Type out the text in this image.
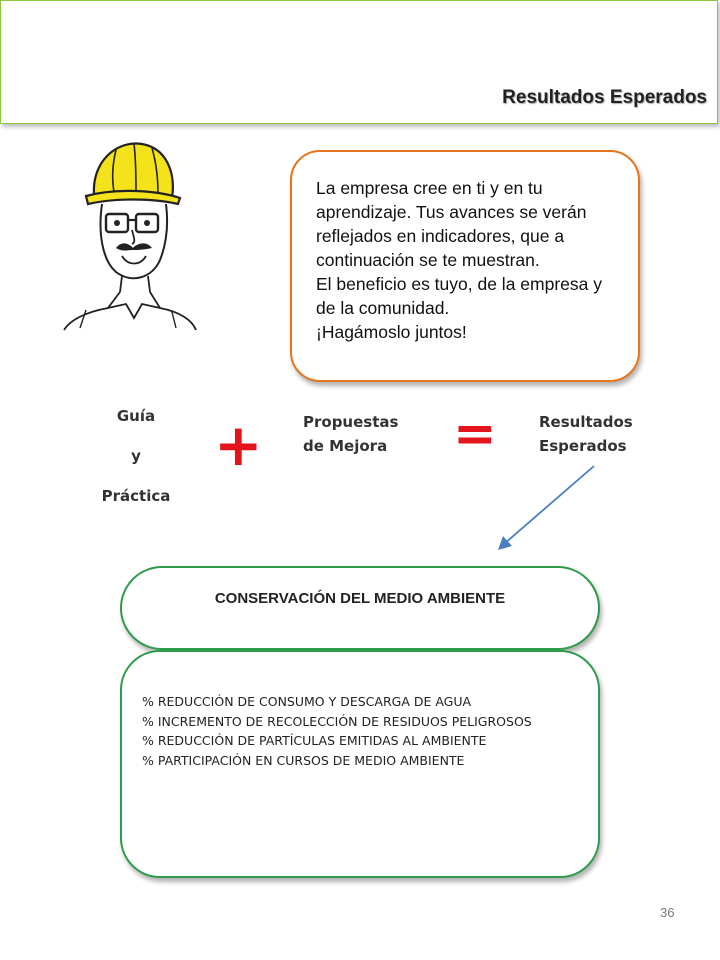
Resultados Esperados

La empresa cree en ti y en tu aprendizaje. Tus avances se verán reflejados en indicadores, que a continuación se te muestran.

El beneficio es tuyo, de la empresa y de la comunidad.

¡Hagámoslo juntos!

Guía
y
Práctica
+	Propuestas
de Mejora =	Resultados
Esperados
CONSERVACIÓN DEL MEDIO AMBIENTE
% REDUCCIÓN DE CONSUMO Y DESCARGA DE AGUA
% INCREMENTO DE RECOLECCIÓN DE RESIDUOS PELIGROSOS
% REDUCCIÓN DE PARTÍCULAS EMITIDAS AL AMBIENTE
% PARTICIPACIÓN EN CURSOS DE MEDIO AMBIENTE
36
